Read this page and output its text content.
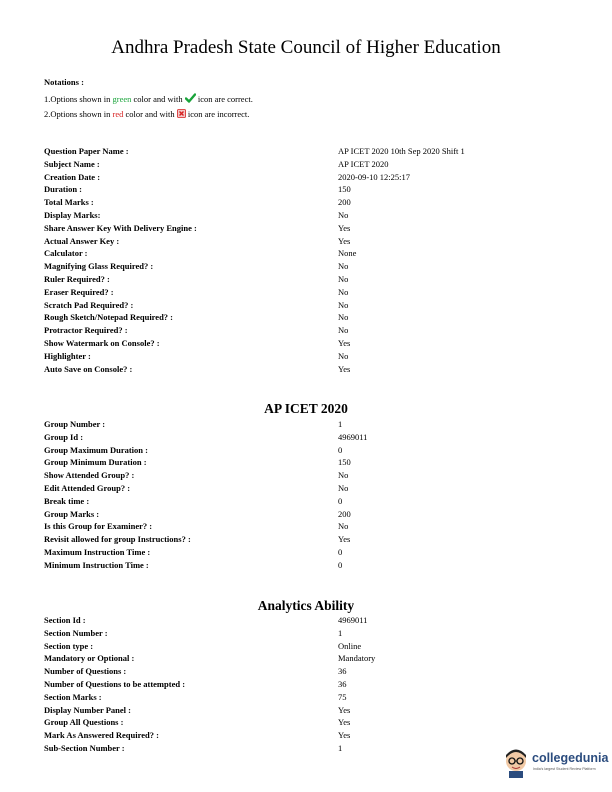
Andhra Pradesh State Council of Higher Education
Notations :
1.Options shown in green color and with  icon are correct.
2.Options shown in red color and with  icon are incorrect.
Question Paper Name :	AP ICET 2020 10th Sep 2020 Shift 1
Subject Name :	AP ICET 2020
Creation Date :	2020-09-10 12:25:17
Duration :	150
Total Marks :	200
Display Marks:	No
Share Answer Key With Delivery Engine :	Yes
Actual Answer Key :	Yes
Calculator :	None
Magnifying Glass Required? :	No
Ruler Required? :	No
Eraser Required? :	No
Scratch Pad Required? :	No
Rough Sketch/Notepad Required? :	No
Protractor Required? :	No
Show Watermark on Console? :	Yes
Highlighter :	No
Auto Save on Console? :	Yes
AP ICET 2020
Group Number :	1
Group Id :	4969011
Group Maximum Duration :	0
Group Minimum Duration :	150
Show Attended Group? :	No
Edit Attended Group? :	No
Break time :	0
Group Marks :	200
Is this Group for Examiner? :	No
Revisit allowed for group Instructions? :	Yes
Maximum Instruction Time :	0
Minimum Instruction Time :	0
Analytics Ability
Section Id :	4969011
Section Number :	1
Section type :	Online
Mandatory or Optional :	Mandatory
Number of Questions :	36
Number of Questions to be attempted :	36
Section Marks :	75
Display Number Panel :	Yes
Group All Questions :	Yes
Mark As Answered Required? :	Yes
Sub-Section Number :	1
collegedunia
India's largest Student Review Platform
